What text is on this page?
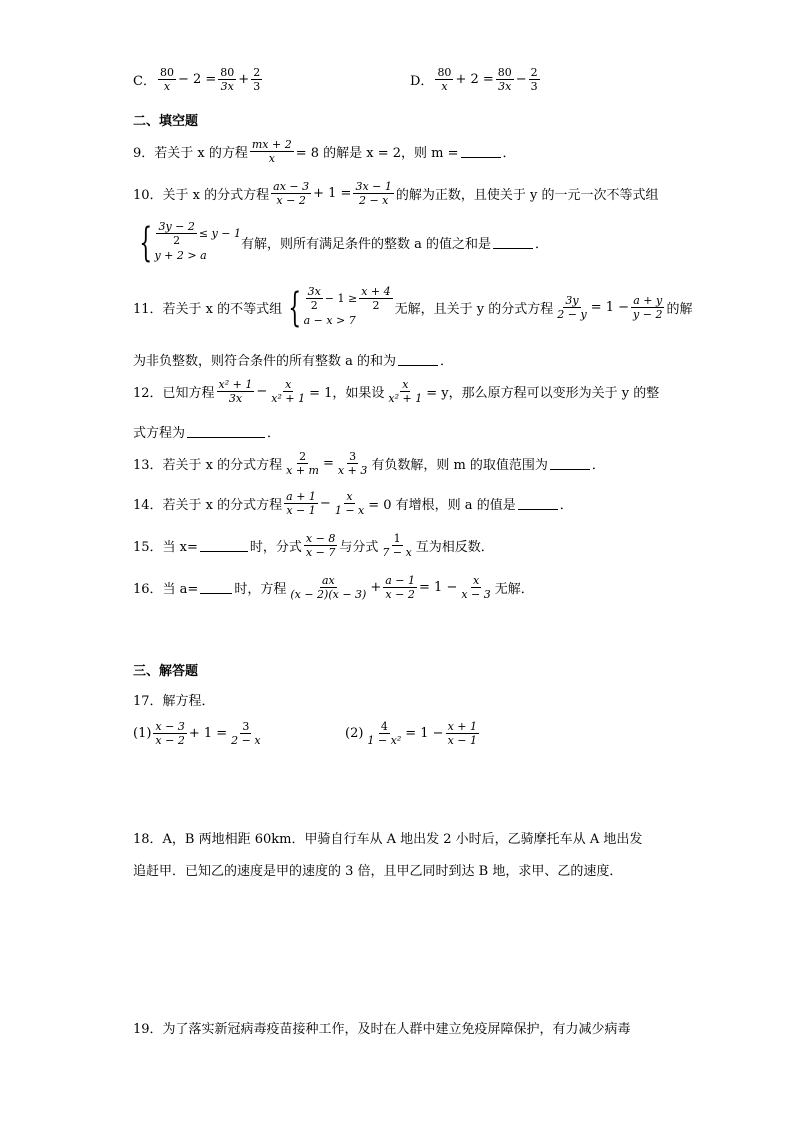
C． $\frac{80}{x} - 2 = \frac{80}{3x} + \frac{2}{3}$	D． $\frac{80}{x} + 2 = \frac{80}{3x} - \frac{2}{3}$
二、填空题
9．若关于 x 的方程 $\frac{mx + 2}{x} = 8$ 的解是 x = 2，则 m =	．
10．关于 x 的分式方程 $\frac{ax - 3}{x - 2} + 1 = \frac{3x - 1}{2 - x}$ 的解为正数，且使关于 y 的一元一次不等式组
{ $\frac{3y - 2}{2} \le y - 1$
y + 2 > a
有解，则所有满足条件的整数 a 的值之和是	．
11．若关于 x 的不等式组 { $\frac{3x}{2} - 1 \ge \frac{x + 4}{2}$
a − x > 7
无解，且关于 y 的分式方程 $\frac{3y}{2 - y} = 1 - \frac{a + y}{y - 2}$ 的解
为非负整数，则符合条件的所有整数 a 的和为	．
12．已知方程 $\frac{\text{x² + 1}}{3x} - \frac{x}{\text{x² + 1}} = 1$，如果设 $\frac{x}{\text{x² + 1}} = y$，那么原方程可以变形为关于 y 的整
式方程为	．
13．若关于 x 的分式方程 $\frac{2}{x + m} = \frac{3}{x + 3}$ 有负数解，则 m 的取值范围为	．
14．若关于 x 的分式方程 $\frac{a + 1}{x - 1} - \frac{x}{1 - x} = 0$ 有增根，则 a 的值是	．
15．当 x=	时，分式 $\frac{x - 8}{x - 7}$ 与分式 $\frac{1}{7 - x}$ 互为相反数．
16．当 a=	时，方程 $\frac{ax}{(x - 2)(x - 3)} + \frac{a - 1}{x - 2} = 1 - \frac{x}{x - 3}$ 无解．
三、解答题
17．解方程．
$(1) \frac{x - 3}{x - 2} + 1 = \frac{3}{2 - x}$	$(2) \frac{4}{\text{1 − x²}} = 1 - \frac{x + 1}{x - 1}$
18．A，B 两地相距 60km．甲骑自行车从 A 地出发 2 小时后，乙骑摩托车从 A 地出发
追赶甲．已知乙的速度是甲的速度的 3 倍，且甲乙同时到达 B 地，求甲、乙的速度．
19．为了落实新冠病毒疫苗接种工作，及时在人群中建立免疫屏障保护，有力减少病毒
